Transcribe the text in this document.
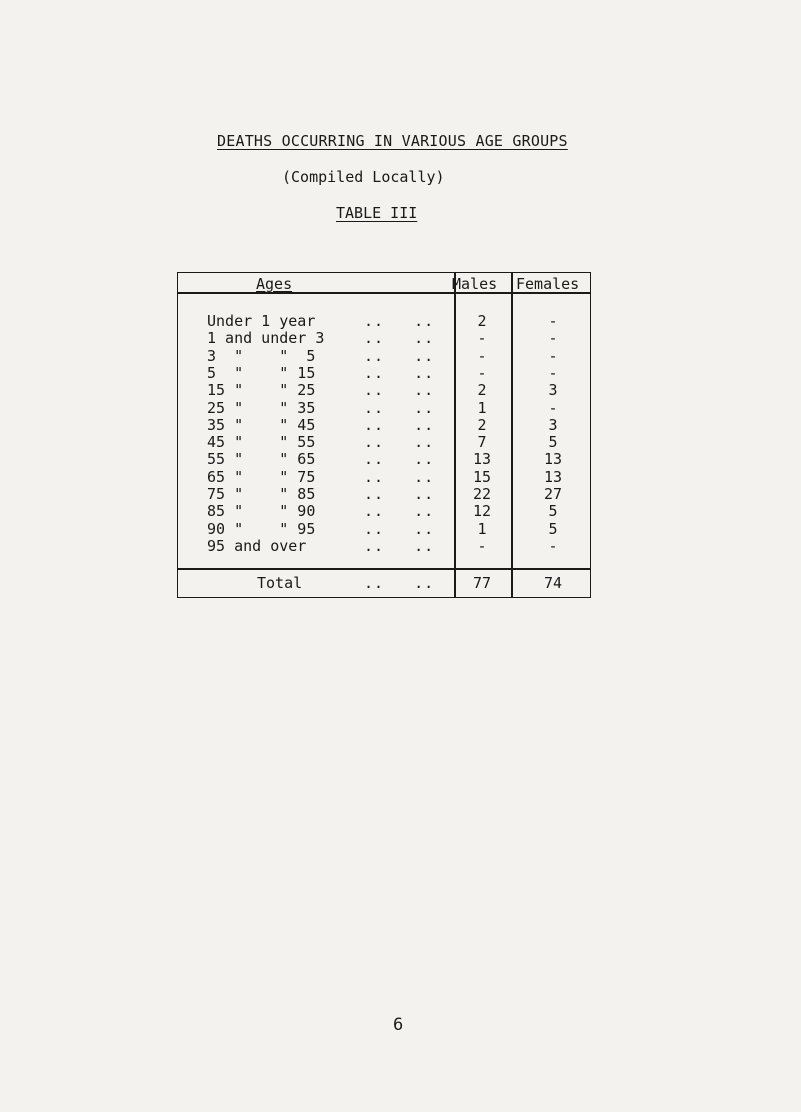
DEATHS OCCURRING IN VARIOUS AGE GROUPS
(Compiled Locally)
TABLE III
Ages	Males Females
Under 1 year	..   ..	2	-
1 and under 3	..   ..	-	-
3  "    "  5	..   ..	-	-
5  "    " 15	..   ..	-	-
15 "    " 25	..   ..	2	3
25 "    " 35	..   ..	1	-
35 "    " 45	..   ..	2	3
45 "    " 55	..   ..	7	5
55 "    " 65	..   ..	13	13
65 "    " 75	..   ..	15	13
75 "    " 85	..   ..	22	27
85 "    " 90	..   ..	12	5
90 "    " 95	..   ..	1	5
95 and over	..   ..	-	-
Total	..   ..	77	74
6
